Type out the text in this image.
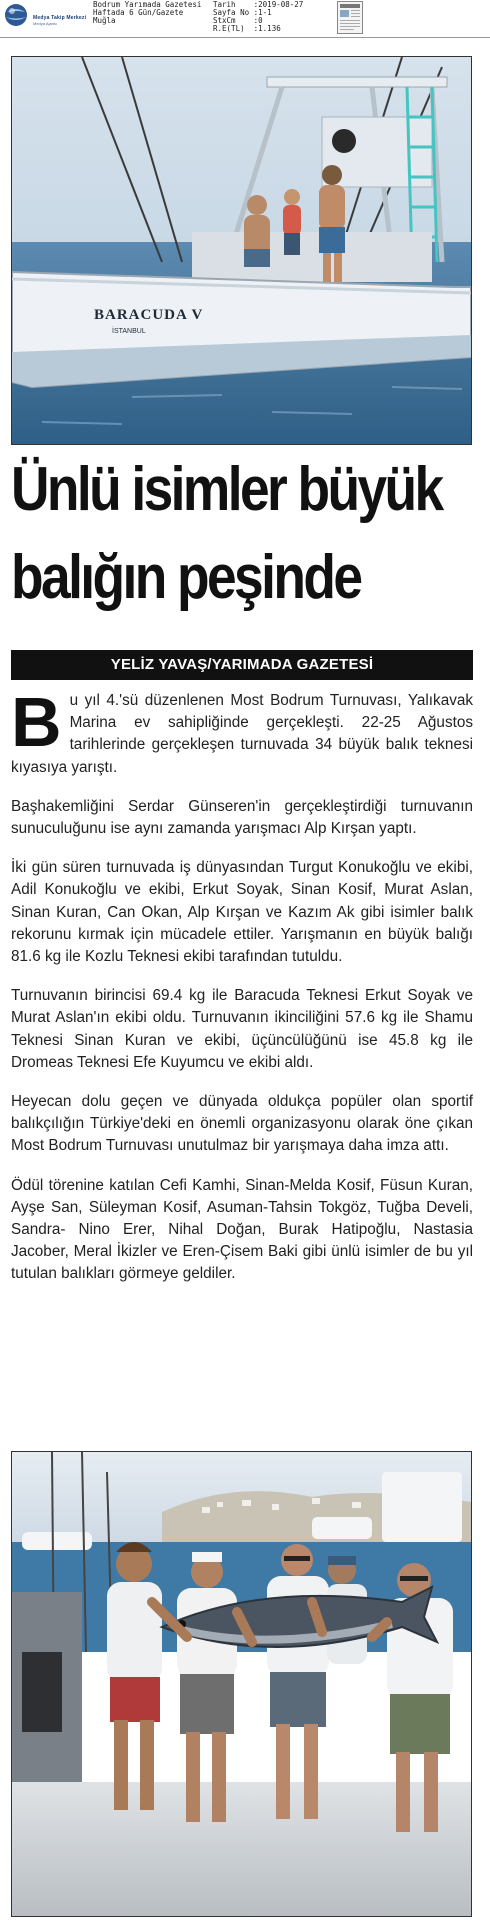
Medya Takip Merkezi
Medya Ajansı
Bodrum Yarımada Gazetesi
Haftada 6 Gün/Gazete
Muğla
Tarih    :2019-08-27
Sayfa No :1-1
StxCm    :0
R.E(TL)  :1.136
BARACUDA V
İSTANBUL
Ünlü isimler büyük
balığın peşinde
YELİZ YAVAŞ/YARIMADA GAZETESİ

B u yıl 4.'sü düzenlenen Most Bodrum Turnuvası, Yalıkavak Marina ev sahipliğinde gerçekleşti. 22-25 Ağustos tarihlerinde gerçekleşen turnuvada 34 büyük balık teknesi kıyasıya yarıştı.

Başhakemliğini Serdar Günseren'in gerçekleştirdiği turnuvanın sunuculuğunu ise aynı zamanda yarışmacı Alp Kırşan yaptı.

İki gün süren turnuvada iş dünyasından Turgut Konukoğlu ve ekibi, Adil Konukoğlu ve ekibi, Erkut Soyak, Sinan Kosif, Murat Aslan, Sinan Kuran, Can Okan, Alp Kırşan ve Kazım Ak gibi isimler balık rekorunu kırmak için mücadele ettiler. Yarışmanın en büyük balığı 81.6 kg ile Kozlu Teknesi ekibi tarafından tutuldu.

Turnuvanın birincisi 69.4 kg ile Baracuda Teknesi Erkut Soyak ve Murat Aslan'ın ekibi oldu. Turnuvanın ikinciliğini 57.6 kg ile Shamu Teknesi Sinan Kuran ve ekibi, üçüncülüğünü ise 45.8 kg ile Dromeas Teknesi Efe Kuyumcu ve ekibi aldı.

Heyecan dolu geçen ve dünyada oldukça popüler olan sportif balıkçılığın Türkiye'deki en önemli organizasyonu olarak öne çıkan Most Bodrum Turnuvası unutulmaz bir yarışmaya daha imza attı.

Ödül törenine katılan Cefi Kamhi, Sinan-Melda Kosif, Füsun Kuran, Ayşe San, Süleyman Kosif, Asuman-Tahsin Tokgöz, Tuğba Develi, Sandra- Nino Erer, Nihal Doğan, Burak Hatipoğlu, Nastasia Jacober, Meral İkizler ve Eren-Çisem Baki gibi ünlü isimler de bu yıl tutulan balıkları görmeye geldiler.
